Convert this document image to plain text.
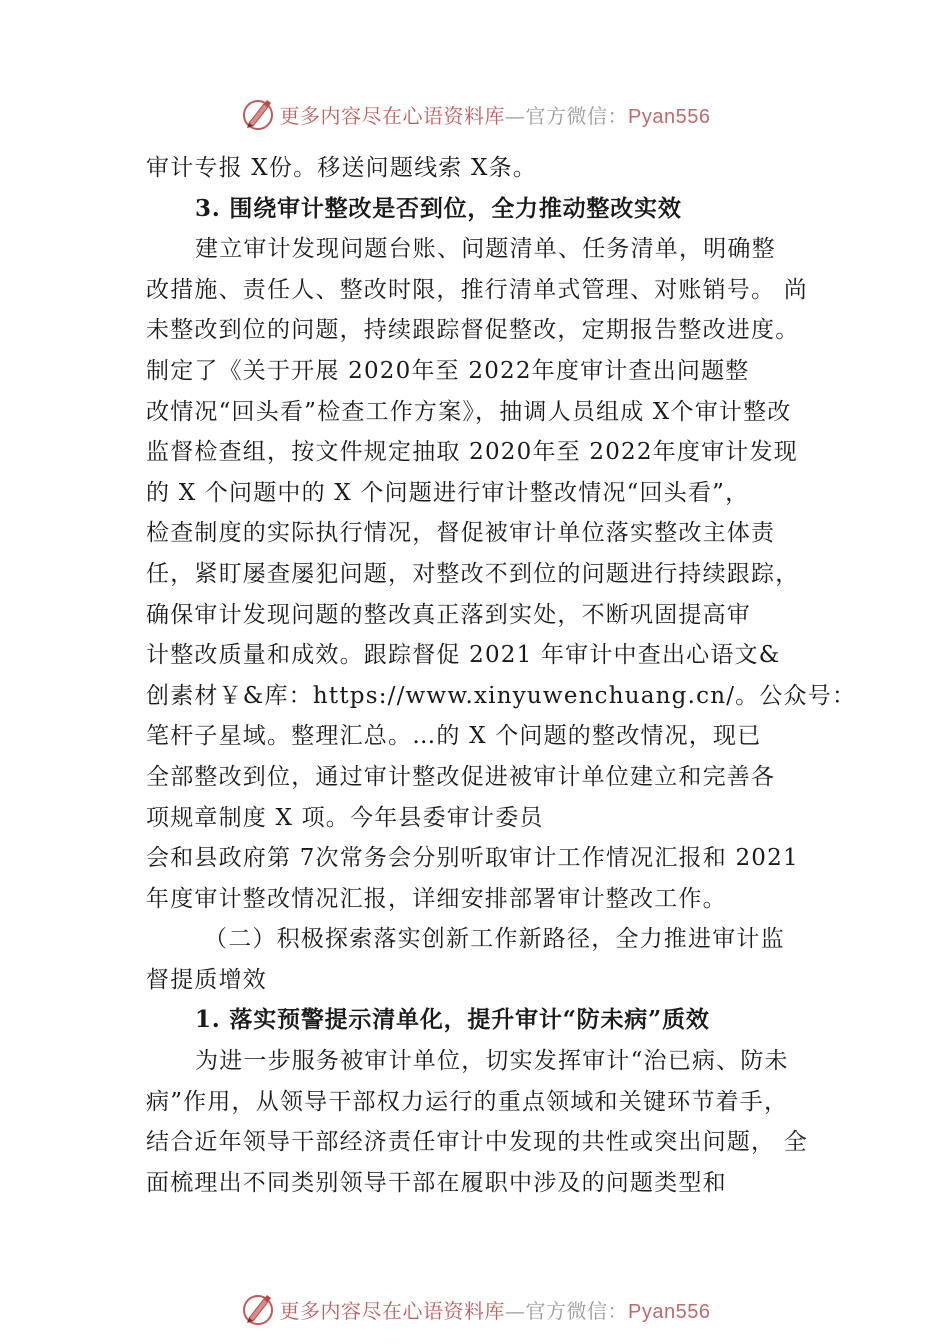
更多内容尽在心语资料库—官方微信：Pyan556
审计专报 X份。移送问题线索 X条。
3. 围绕审计整改是否到位，全力推动整改实效
建立审计发现问题台账、问题清单、任务清单，明确整
改措施、责任人、整改时限，推行清单式管理、对账销号。 尚
未整改到位的问题，持续跟踪督促整改，定期报告整改进度。
制定了《关于开展 2020年至 2022年度审计查出问题整
改情况“回头看”检查工作方案》，抽调人员组成 X个审计整改
监督检查组，按文件规定抽取 2020年至 2022年度审计发现
的 X 个问题中的 X 个问题进行审计整改情况“回头看”，
检查制度的实际执行情况，督促被审计单位落实整改主体责
任，紧盯屡查屡犯问题，对整改不到位的问题进行持续跟踪，
确保审计发现问题的整改真正落到实处，不断巩固提高审
计整改质量和成效。跟踪督促 2021 年审计中查出心语文&
创素材￥&库：https://www.xinyuwenchuang.cn/。公众号：
笔杆子星域。整理汇总。…的 X 个问题的整改情况，现已
全部整改到位，通过审计整改促进被审计单位建立和完善各
项规章制度 X 项。今年县委审计委员
会和县政府第 7次常务会分别听取审计工作情况汇报和 2021
年度审计整改情况汇报，详细安排部署审计整改工作。
（二）积极探索落实创新工作新路径，全力推进审计监
督提质增效
1. 落实预警提示清单化，提升审计“防未病”质效
为进一步服务被审计单位，切实发挥审计“治已病、防未
病”作用，从领导干部权力运行的重点领域和关键环节着手，
结合近年领导干部经济责任审计中发现的共性或突出问题， 全
面梳理出不同类别领导干部在履职中涉及的问题类型和
更多内容尽在心语资料库—官方微信：Pyan556
